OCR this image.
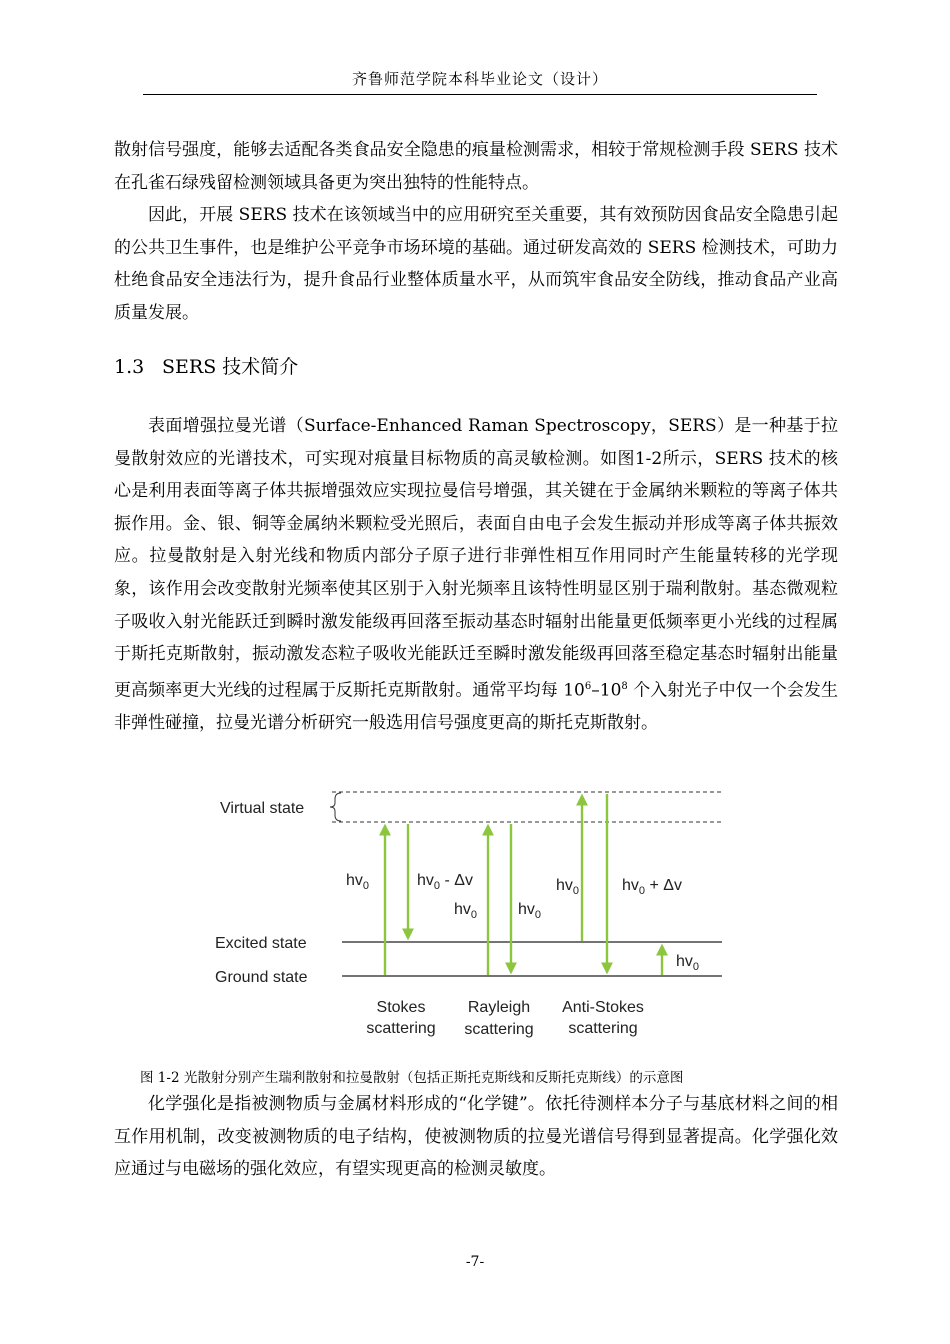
齐鲁师范学院本科毕业论文（设计）

散射信号强度，能够去适配各类食品安全隐患的痕量检测需求，相较于常规检测手段 SERS 技术在孔雀石绿残留检测领域具备更为突出独特的性能特点。

因此，开展 SERS 技术在该领域当中的应用研究至关重要，其有效预防因食品安全隐患引起的公共卫生事件，也是维护公平竞争市场环境的基础。通过研发高效的 SERS 检测技术，可助力杜绝食品安全违法行为，提升食品行业整体质量水平，从而筑牢食品安全防线，推动食品产业高质量发展。

1.3 SERS 技术简介

表面增强拉曼光谱（Surface-Enhanced Raman Spectroscopy，SERS）是一种基于拉曼散射效应的光谱技术，可实现对痕量目标物质的高灵敏检测。如图1-2所示，SERS 技术的核心是利用表面等离子体共振增强效应实现拉曼信号增强，其关键在于金属纳米颗粒的等离子体共振作用。金、银、铜等金属纳米颗粒受光照后，表面自由电子会发生振动并形成等离子体共振效应。拉曼散射是入射光线和物质内部分子原子进行非弹性相互作用同时产生能量转移的光学现象，该作用会改变散射光频率使其区别于入射光频率且该特性明显区别于瑞利散射。基态微观粒子吸收入射光能跃迁到瞬时激发能级再回落至振动基态时辐射出能量更低频率更小光线的过程属于斯托克斯散射，振动激发态粒子吸收光能跃迁至瞬时激发能级再回落至稳定基态时辐射出能量更高频率更大光线的过程属于反斯托克斯散射。通常平均每 $10^6-10^8$ 个入射光子中仅一个会发生非弹性碰撞，拉曼光谱分析研究一般选用信号强度更高的斯托克斯散射。

Virtual state
Excited state
Ground state
$hv_0$	$hv_0$ - Δv
$hv_0$	$hv_0$
$hv_0$	$hv_0 + \Delta v$
$hv_0$
Stokes
scattering
Rayleigh
scattering
Anti-Stokes
scattering
图 1-2 光散射分别产生瑞利散射和拉曼散射（包括正斯托克斯线和反斯托克斯线）的示意图

化学强化是指被测物质与金属材料形成的“化学键”。依托待测样本分子与基底材料之间的相互作用机制，改变被测物质的电子结构，使被测物质的拉曼光谱信号得到显著提高。化学强化效应通过与电磁场的强化效应，有望实现更高的检测灵敏度。

-7-
